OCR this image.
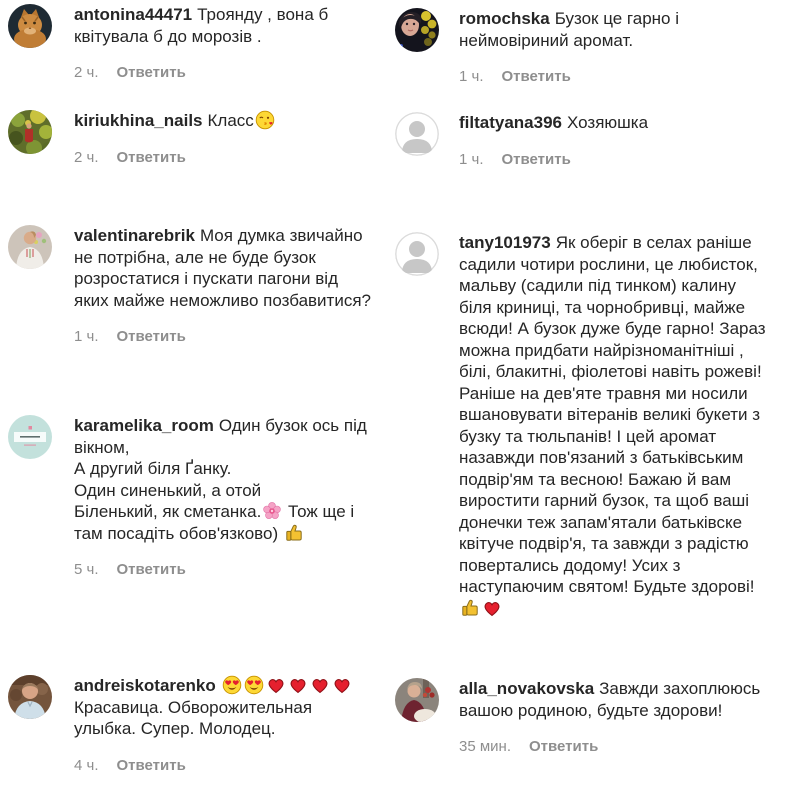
antonina44471 Троянду , вона б квітувала б до морозів .
2 ч. Ответить
kiriukhina_nails Класс
2 ч. Ответить
valentinarebrik Моя думка звичайно не потрібна, але не буде бузок розростатися і пускати пагони від яких майже неможливо позбавитися?
1 ч. Ответить
karamelika_room Один бузок ось під вікном,
А другий біля Ґанку.
Один синенький, а отой
Біленький, як сметанка.
Тож ще і там посадіть обов'язково)
5 ч. Ответить
andreiskotarenko

Красавица. Обворожительная улыбка. Супер. Молодец.
4 ч. Ответить
romochska Бузок це гарно і неймовіриний аромат.
1 ч. Ответить
filtatyana396 Хозяюшка
1 ч. Ответить
tany101973 Як оберіг в селах раніше садили чотири рослини, це любисток, мальву (садили під тинком) калину біля криниці, та чорнобривці, майже всюди! А бузок дуже буде гарно! Зараз можна придбати найрізноманітніші , білі, блакитні, фіолетові навіть рожеві! Раніше на дев'яте травня ми носили вшановувати вітеранів великі букети з бузку та тюльпанів! І цей аромат назавжди пов'язаний з батьківським подвір'ям та весною! Бажаю й вам виростити гарний бузок, та щоб ваші донечки теж запам'ятали батьківске квітуче подвір'я, та завжди з радістю повертались додому! Усих з наступаючим святом! Будьте здорові!
alla_novakovska Завжди захоплююсь вашою родиною, будьте здорови!
35 мин. Ответить
